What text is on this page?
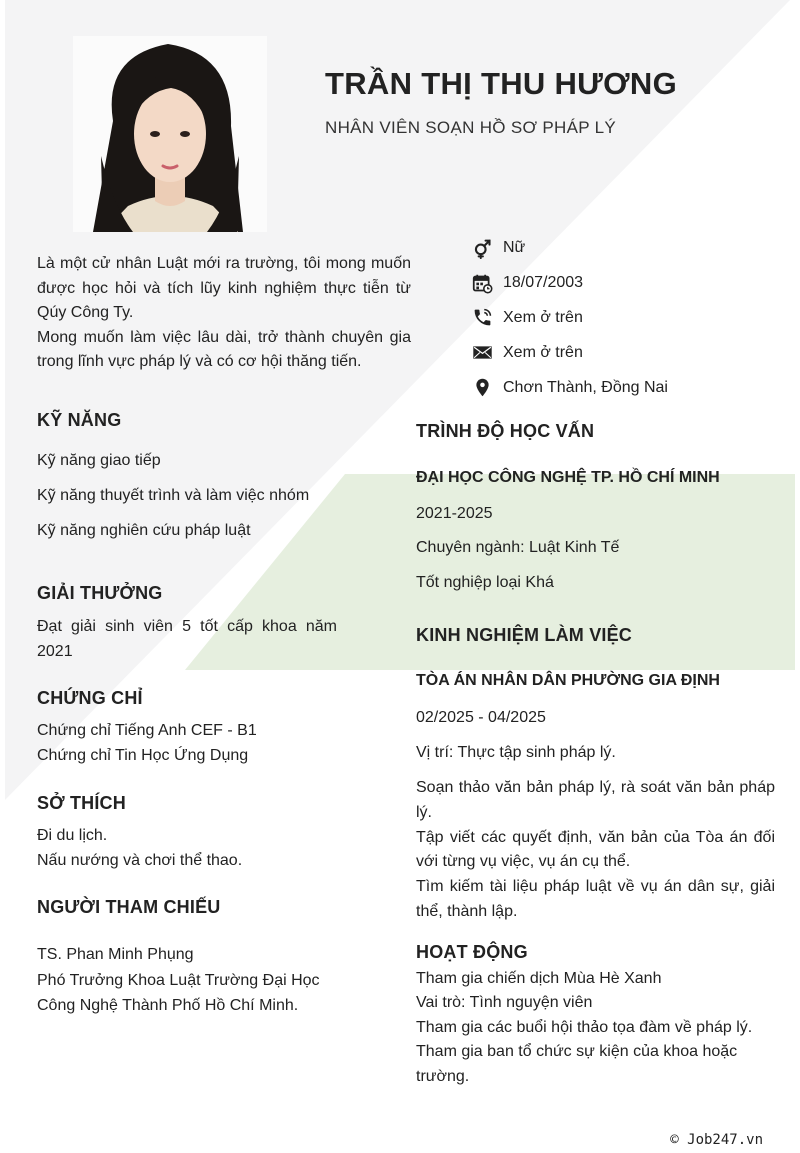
TRẦN THỊ THU HƯƠNG
NHÂN VIÊN SOẠN HỒ SƠ PHÁP LÝ
Nữ
18/07/2003
Xem ở trên
Xem ở trên
Chơn Thành, Đồng Nai

Là một cử nhân Luật mới ra trường, tôi mong muốn được học hỏi và tích lũy kinh nghiệm thực tiễn từ Qúy Công Ty.

Mong muốn làm việc lâu dài, trở thành chuyên gia trong lĩnh vực pháp lý và có cơ hội thăng tiến.

KỸ NĂNG
Kỹ năng giao tiếp
Kỹ năng thuyết trình và làm việc nhóm
Kỹ năng nghiên cứu pháp luật
GIẢI THƯỞNG
Đạt giải sinh viên 5 tốt cấp khoa năm 2021
CHỨNG CHỈ
Chứng chỉ Tiếng Anh CEF - B1
Chứng chỉ Tin Học Ứng Dụng
SỞ THÍCH
Đi du lịch.
Nấu nướng và chơi thể thao.
NGƯỜI THAM CHIẾU
TS. Phan Minh Phụng
Phó Trưởng Khoa Luật Trường Đại Học Công Nghệ Thành Phố Hồ Chí Minh.
TRÌNH ĐỘ HỌC VẤN
ĐẠI HỌC CÔNG NGHỆ TP. HỒ CHÍ MINH
2021-2025
Chuyên ngành: Luật Kinh Tế
Tốt nghiệp loại Khá
KINH NGHIỆM LÀM VIỆC
TÒA ÁN NHÂN DÂN PHƯỜNG GIA ĐỊNH
02/2025 - 04/2025
Vị trí: Thực tập sinh pháp lý.

Soạn thảo văn bản pháp lý, rà soát văn bản pháp lý.

Tập viết các quyết định, văn bản của Tòa án đối với từng vụ việc, vụ án cụ thể.

Tìm kiếm tài liệu pháp luật về vụ án dân sự, giải thể, thành lập.

HOẠT ĐỘNG

Tham gia chiến dịch Mùa Hè Xanh

Vai trò: Tình nguyện viên

Tham gia các buổi hội thảo tọa đàm về pháp lý.

Tham gia ban tổ chức sự kiện của khoa hoặc trường.

© Job247.vn
